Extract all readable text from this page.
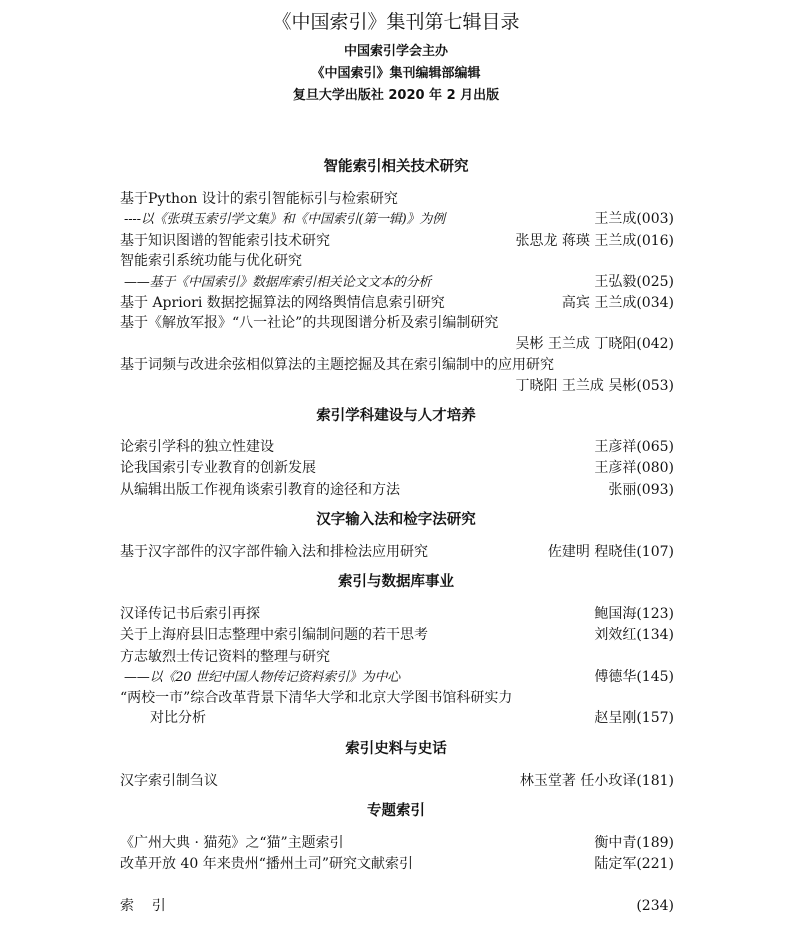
《中国索引》集刊第七辑目录
中国索引学会主办
《中国索引》集刊编辑部编辑
复旦大学出版社 2020 年 2 月出版
智能索引相关技术研究
基于Python 设计的索引智能标引与检索研究
----以《张琪玉索引学文集》和《中国索引(第一辑)》为例	王兰成(003)
基于知识图谱的智能索引技术研究	张思龙 蒋瑛 王兰成(016)
智能索引系统功能与优化研究
——基于《中国索引》数据库索引相关论文文本的分析	王弘毅(025)
基于 Apriori 数据挖掘算法的网络舆情信息索引研究	高宾 王兰成(034)
基于《解放军报》“八一社论”的共现图谱分析及索引编制研究
吴彬 王兰成 丁晓阳(042)
基于词频与改进余弦相似算法的主题挖掘及其在索引编制中的应用研究
丁晓阳 王兰成 吴彬(053)
索引学科建设与人才培养
论索引学科的独立性建设	王彦祥(065)
论我国索引专业教育的创新发展	王彦祥(080)
从编辑出版工作视角谈索引教育的途径和方法	张丽(093)
汉字输入法和检字法研究
基于汉字部件的汉字部件输入法和排检法应用研究	佐建明 程晓佳(107)
索引与数据库事业
汉译传记书后索引再探	鲍国海(123)
关于上海府县旧志整理中索引编制问题的若干思考	刘效红(134)
方志敏烈士传记资料的整理与研究
——以《20 世纪中国人物传记资料索引》为中心	傅德华(145)
“两校一市”综合改革背景下清华大学和北京大学图书馆科研实力
对比分析	赵呈刚(157)
索引史料与史话
汉字索引制刍议	林玉堂著 任小玫译(181)
专题索引
《广州大典 · 猫苑》之“猫”主题索引	衡中青(189)
改革开放 40 年来贵州“播州土司”研究文献索引	陆定军(221)
索    引	(234)
